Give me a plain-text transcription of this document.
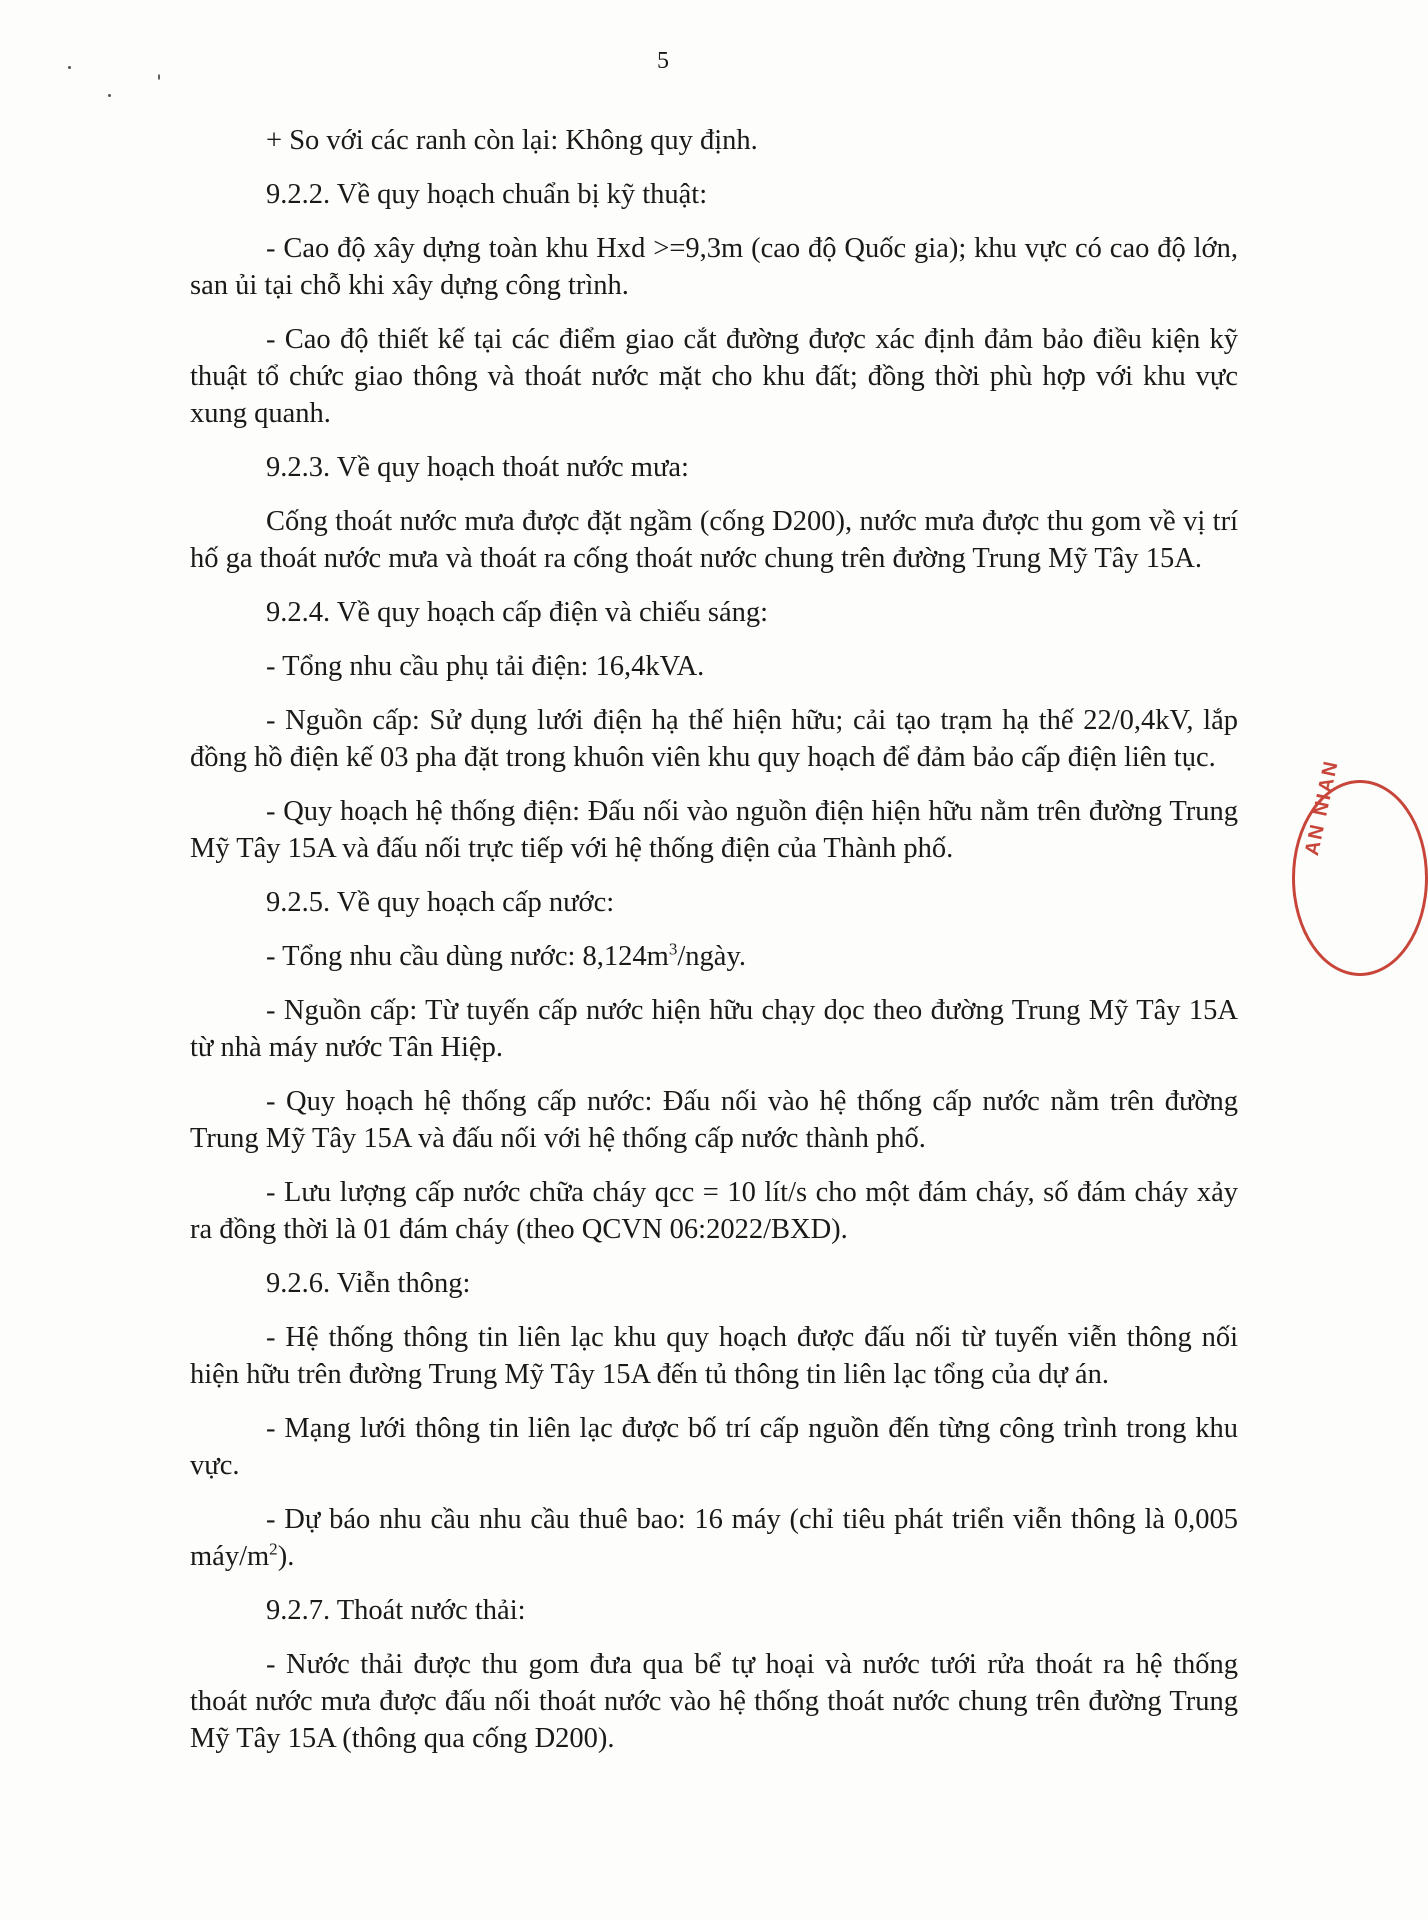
5

+ So với các ranh còn lại: Không quy định.

9.2.2. Về quy hoạch chuẩn bị kỹ thuật:

- Cao độ xây dựng toàn khu Hxd >=9,3m (cao độ Quốc gia); khu vực có cao độ lớn, san ủi tại chỗ khi xây dựng công trình.

- Cao độ thiết kế tại các điểm giao cắt đường được xác định đảm bảo điều kiện kỹ thuật tổ chức giao thông và thoát nước mặt cho khu đất; đồng thời phù hợp với khu vực xung quanh.

9.2.3. Về quy hoạch thoát nước mưa:

Cống thoát nước mưa được đặt ngầm (cống D200), nước mưa được thu gom về vị trí hố ga thoát nước mưa và thoát ra cống thoát nước chung trên đường Trung Mỹ Tây 15A.

9.2.4. Về quy hoạch cấp điện và chiếu sáng:

- Tổng nhu cầu phụ tải điện: 16,4kVA.

- Nguồn cấp: Sử dụng lưới điện hạ thế hiện hữu; cải tạo trạm hạ thế 22/0,4kV, lắp đồng hồ điện kế 03 pha đặt trong khuôn viên khu quy hoạch để đảm bảo cấp điện liên tục.

- Quy hoạch hệ thống điện: Đấu nối vào nguồn điện hiện hữu nằm trên đường Trung Mỹ Tây 15A và đấu nối trực tiếp với hệ thống điện của Thành phố.

9.2.5. Về quy hoạch cấp nước:

- Tổng nhu cầu dùng nước: $8,124m^3$/ngày.

- Nguồn cấp: Từ tuyến cấp nước hiện hữu chạy dọc theo đường Trung Mỹ Tây 15A từ nhà máy nước Tân Hiệp.

- Quy hoạch hệ thống cấp nước: Đấu nối vào hệ thống cấp nước nằm trên đường Trung Mỹ Tây 15A và đấu nối với hệ thống cấp nước thành phố.

- Lưu lượng cấp nước chữa cháy qcc = 10 lít/s cho một đám cháy, số đám cháy xảy ra đồng thời là 01 đám cháy (theo QCVN 06:2022/BXD).

9.2.6. Viễn thông:

- Hệ thống thông tin liên lạc khu quy hoạch được đấu nối từ tuyến viễn thông nối hiện hữu trên đường Trung Mỹ Tây 15A đến tủ thông tin liên lạc tổng của dự án.

- Mạng lưới thông tin liên lạc được bố trí cấp nguồn đến từng công trình trong khu vực.

- Dự báo nhu cầu nhu cầu thuê bao: 16 máy (chỉ tiêu phát triển viễn thông là 0,005 máy/$m^2$).

9.2.7. Thoát nước thải:

- Nước thải được thu gom đưa qua bể tự hoại và nước tưới rửa thoát ra hệ thống thoát nước mưa được đấu nối thoát nước vào hệ thống thoát nước chung trên đường Trung Mỹ Tây 15A (thông qua cống D200).

AN NIAN
